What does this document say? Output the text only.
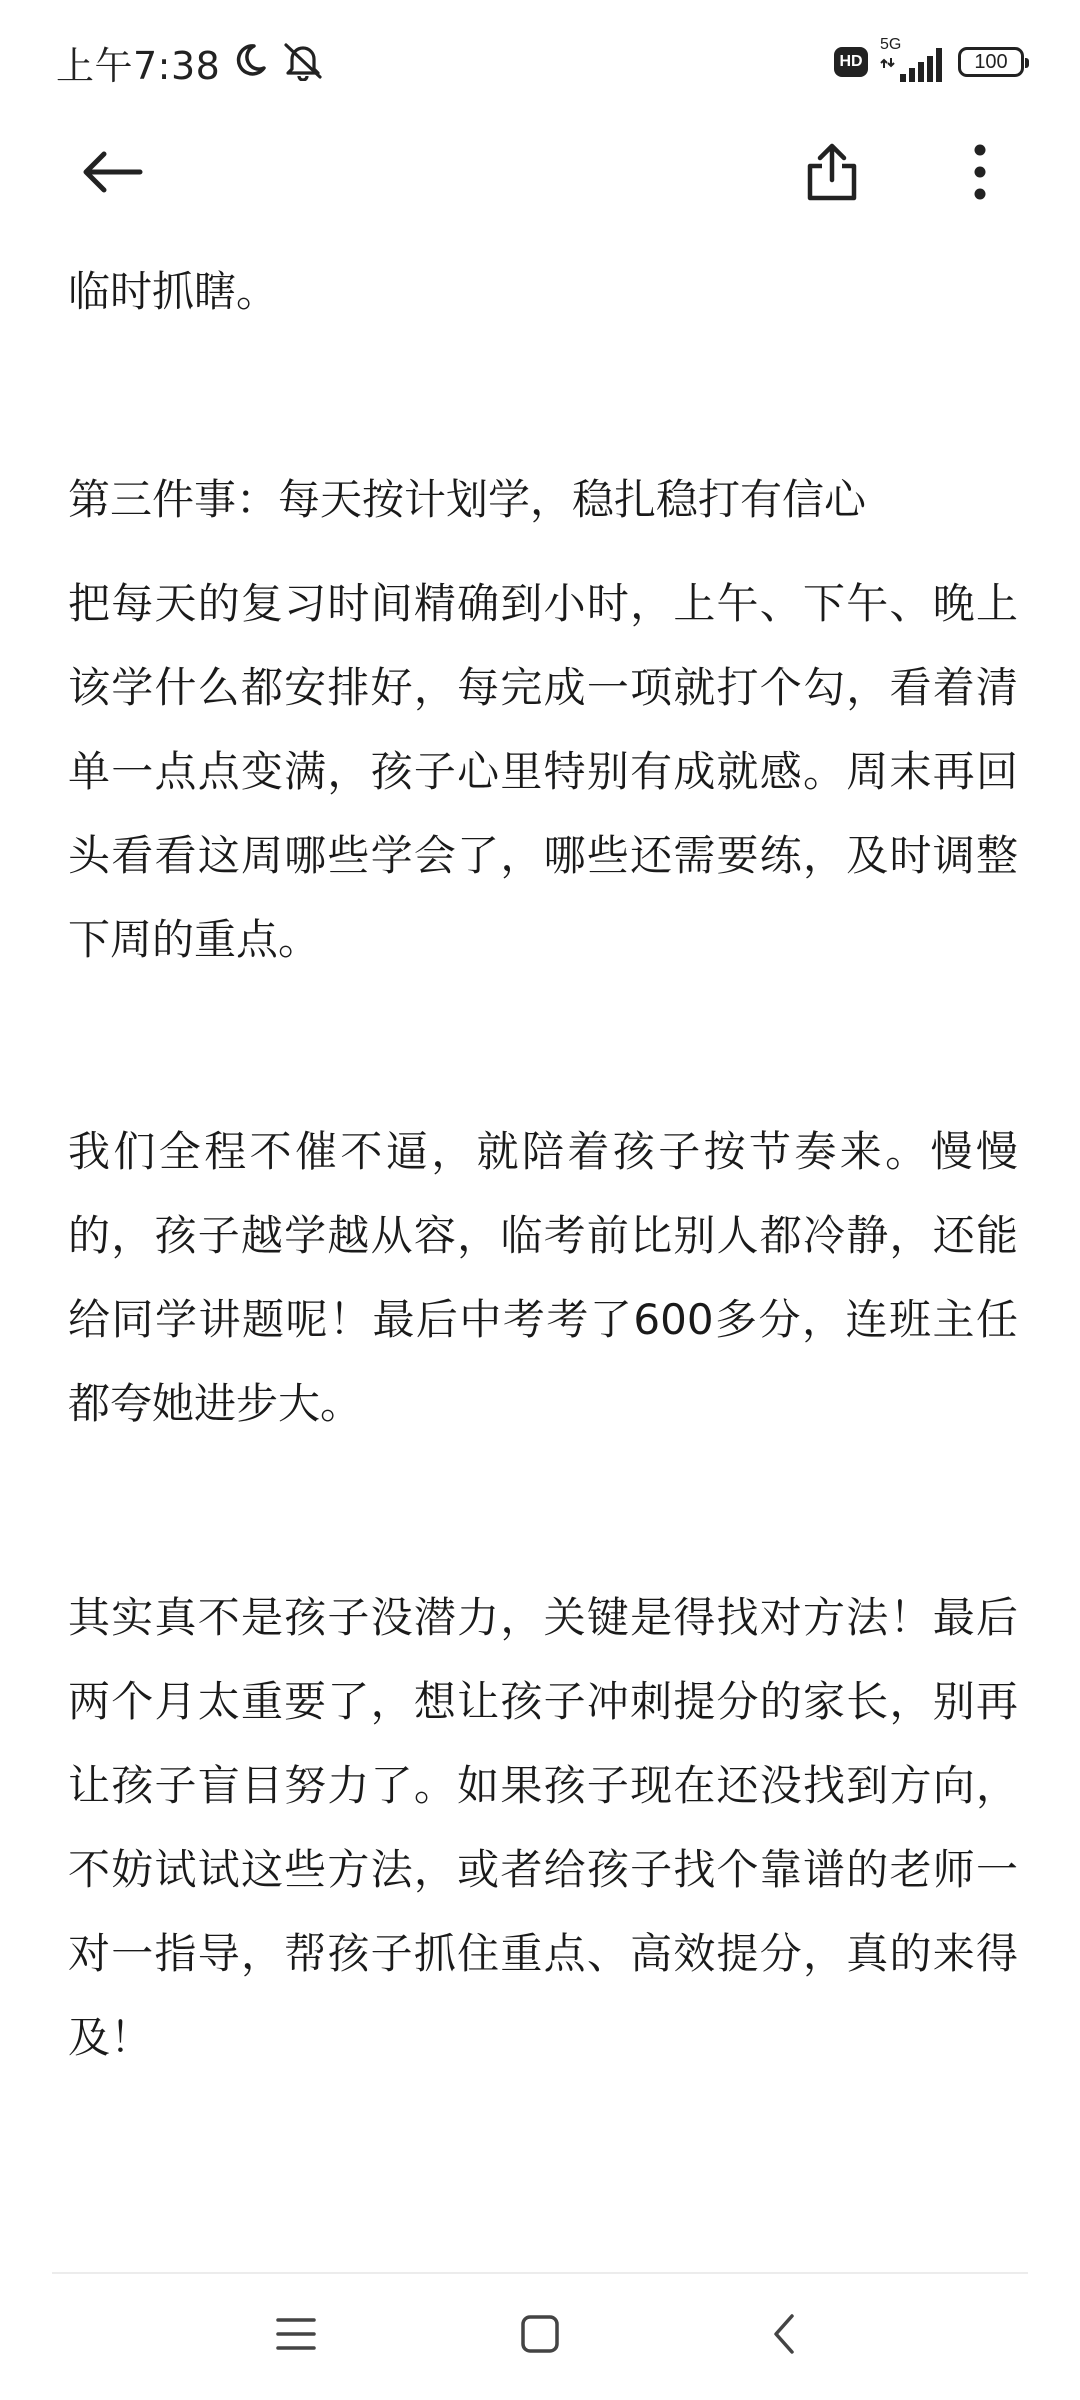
上午7:38	HD
5G
100

临时抓瞎。

第三件事：每天按计划学，稳扎稳打有信心

把每天的复习时间精确到小时，上午、下午、晚上该学什么都安排好，每完成一项就打个勾，看着清单一点点变满，孩子心里特别有成就感。周末再回头看看这周哪些学会了，哪些还需要练，及时调整下周的重点。

我们全程不催不逼，就陪着孩子按节奏来。慢慢的，孩子越学越从容，临考前比别人都冷静，还能给同学讲题呢！最后中考考了600多分，连班主任都夸她进步大。

其实真不是孩子没潜力，关键是得找对方法！最后两个月太重要了，想让孩子冲刺提分的家长，别再让孩子盲目努力了。如果孩子现在还没找到方向，不妨试试这些方法，或者给孩子找个靠谱的老师一对一指导，帮孩子抓住重点、高效提分，真的来得及！
